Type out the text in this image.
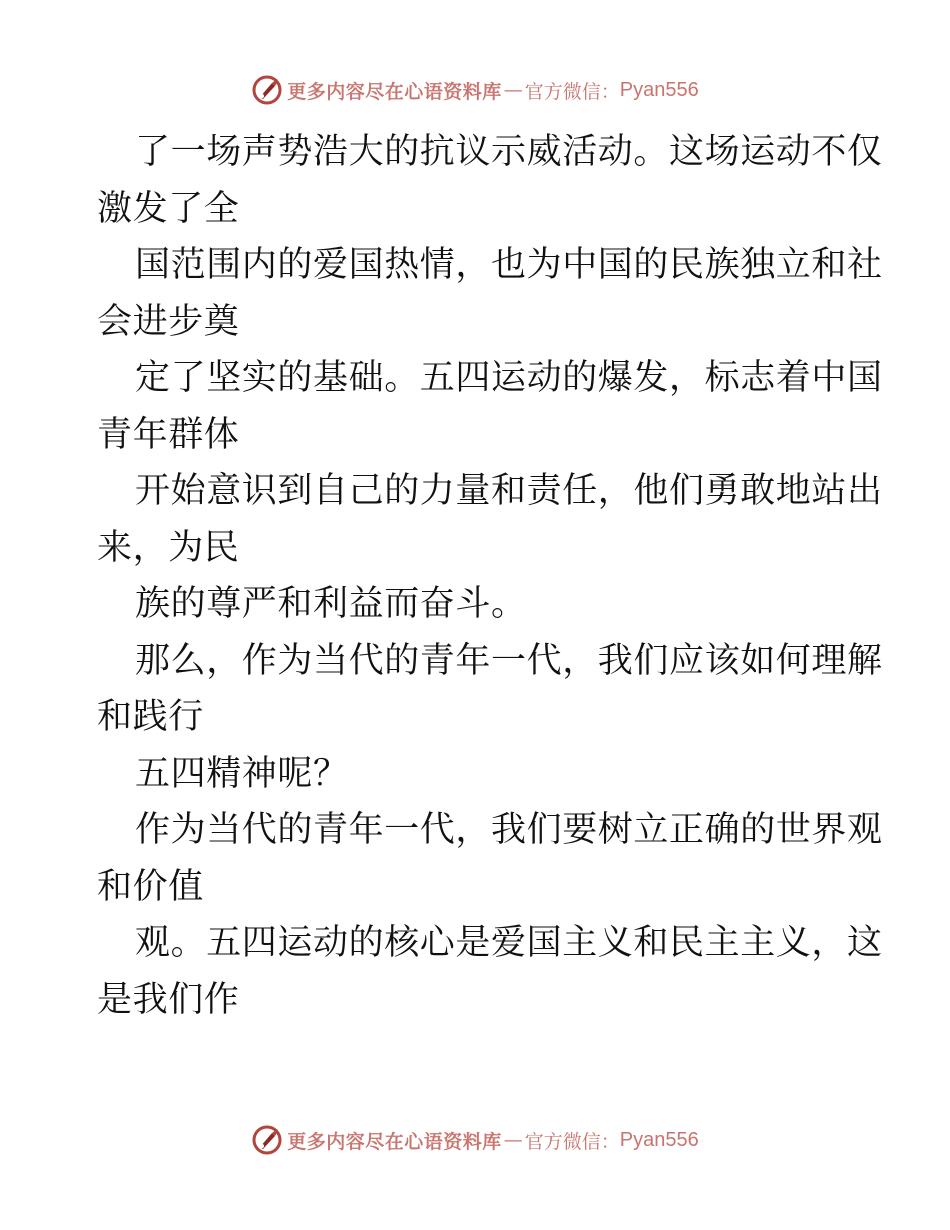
更多内容尽在心语资料库 — 官方微信： Pyan556
了一场声势浩大的抗议示威活动。这场运动不仅
激发了全
国范围内的爱国热情，也为中国的民族独立和社
会进步奠
定了坚实的基础。五四运动的爆发，标志着中国
青年群体
开始意识到自己的力量和责任，他们勇敢地站出
来，为民
族的尊严和利益而奋斗。
那么，作为当代的青年一代，我们应该如何理解
和践行
五四精神呢？
作为当代的青年一代，我们要树立正确的世界观
和价值
观。五四运动的核心是爱国主义和民主主义，这
是我们作
更多内容尽在心语资料库 — 官方微信： Pyan556
